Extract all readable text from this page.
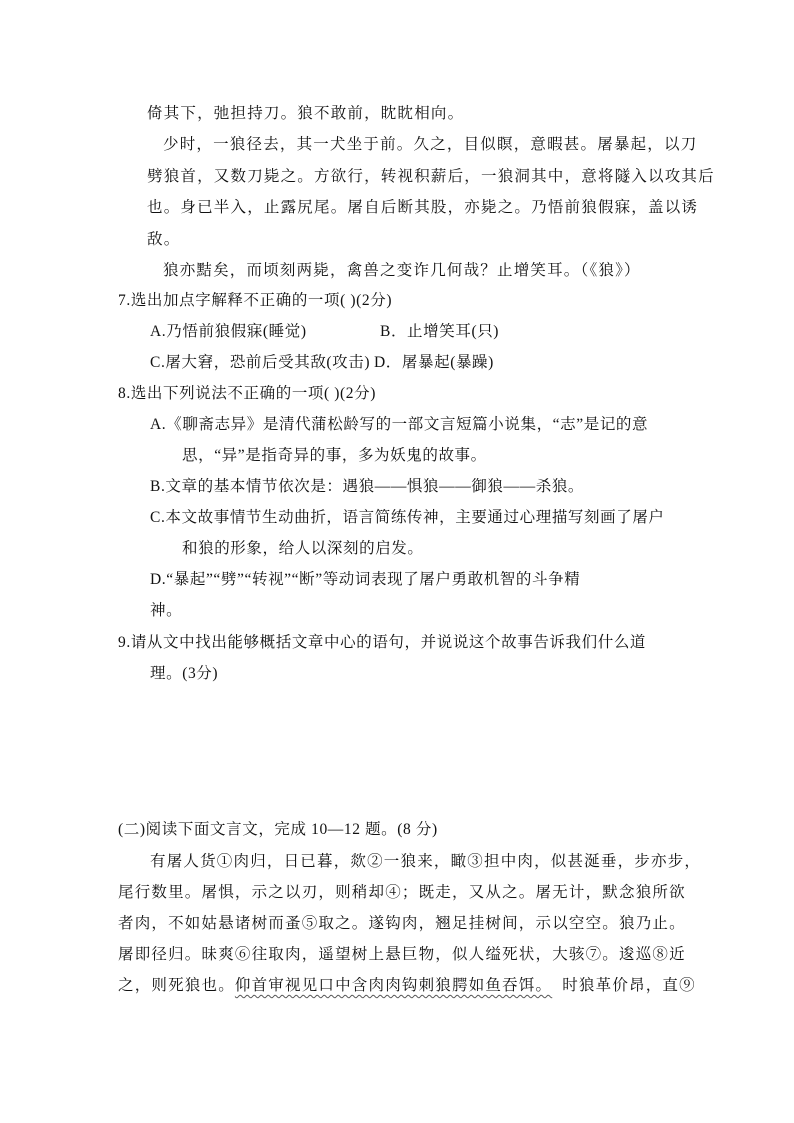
倚其下，弛担持刀。狼不敢前，眈眈相向。
少时，一狼径去，其一犬坐于前。久之，目似瞑，意暇甚。屠暴起，以刀
劈狼首，又数刀毙之。方欲行，转视积薪后，一狼洞其中，意将隧入以攻其后
也。身已半入，止露尻尾。屠自后断其股，亦毙之。乃悟前狼假寐，盖以诱
敌。
狼亦黠矣，而顷刻两毙，禽兽之变诈几何哉？止增笑耳。（《狼》）
7.选出加点字解释不正确的一项( )(2分)
A.乃悟前狼假寐(睡觉)	B．止增笑耳(只)
C.屠大窘，恐前后受其敌(攻击) D．屠暴起(暴躁)
8.选出下列说法不正确的一项( )(2分)
A.《聊斋志异》是清代蒲松龄写的一部文言短篇小说集，“志”是记的意
思，“异”是指奇异的事，多为妖鬼的故事。
B.文章的基本情节依次是：遇狼——惧狼——御狼——杀狼。
C.本文故事情节生动曲折，语言简练传神，主要通过心理描写刻画了屠户
和狼的形象，给人以深刻的启发。
D.“暴起”“劈”“转视”“断”等动词表现了屠户勇敢机智的斗争精
神。
9.请从文中找出能够概括文章中心的语句，并说说这个故事告诉我们什么道
理。(3分)
(二)阅读下面文言文，完成 10—12 题。(8 分)
有屠人货①肉归，日已暮，欻②一狼来，瞰③担中肉，似甚涎垂，步亦步，
尾行数里。屠惧，示之以刃，则稍却④；既走，又从之。屠无计，默念狼所欲
者肉，不如姑悬诸树而蚤⑤取之。遂钩肉，翘足挂树间，示以空空。狼乃止。
屠即径归。昧爽⑥往取肉，遥望树上悬巨物，似人缢死状，大骇⑦。逡巡⑧近
之，则死狼也。仰首审视见口中含肉肉钩刺狼腭如鱼吞饵。 时狼革价昂，直⑨
